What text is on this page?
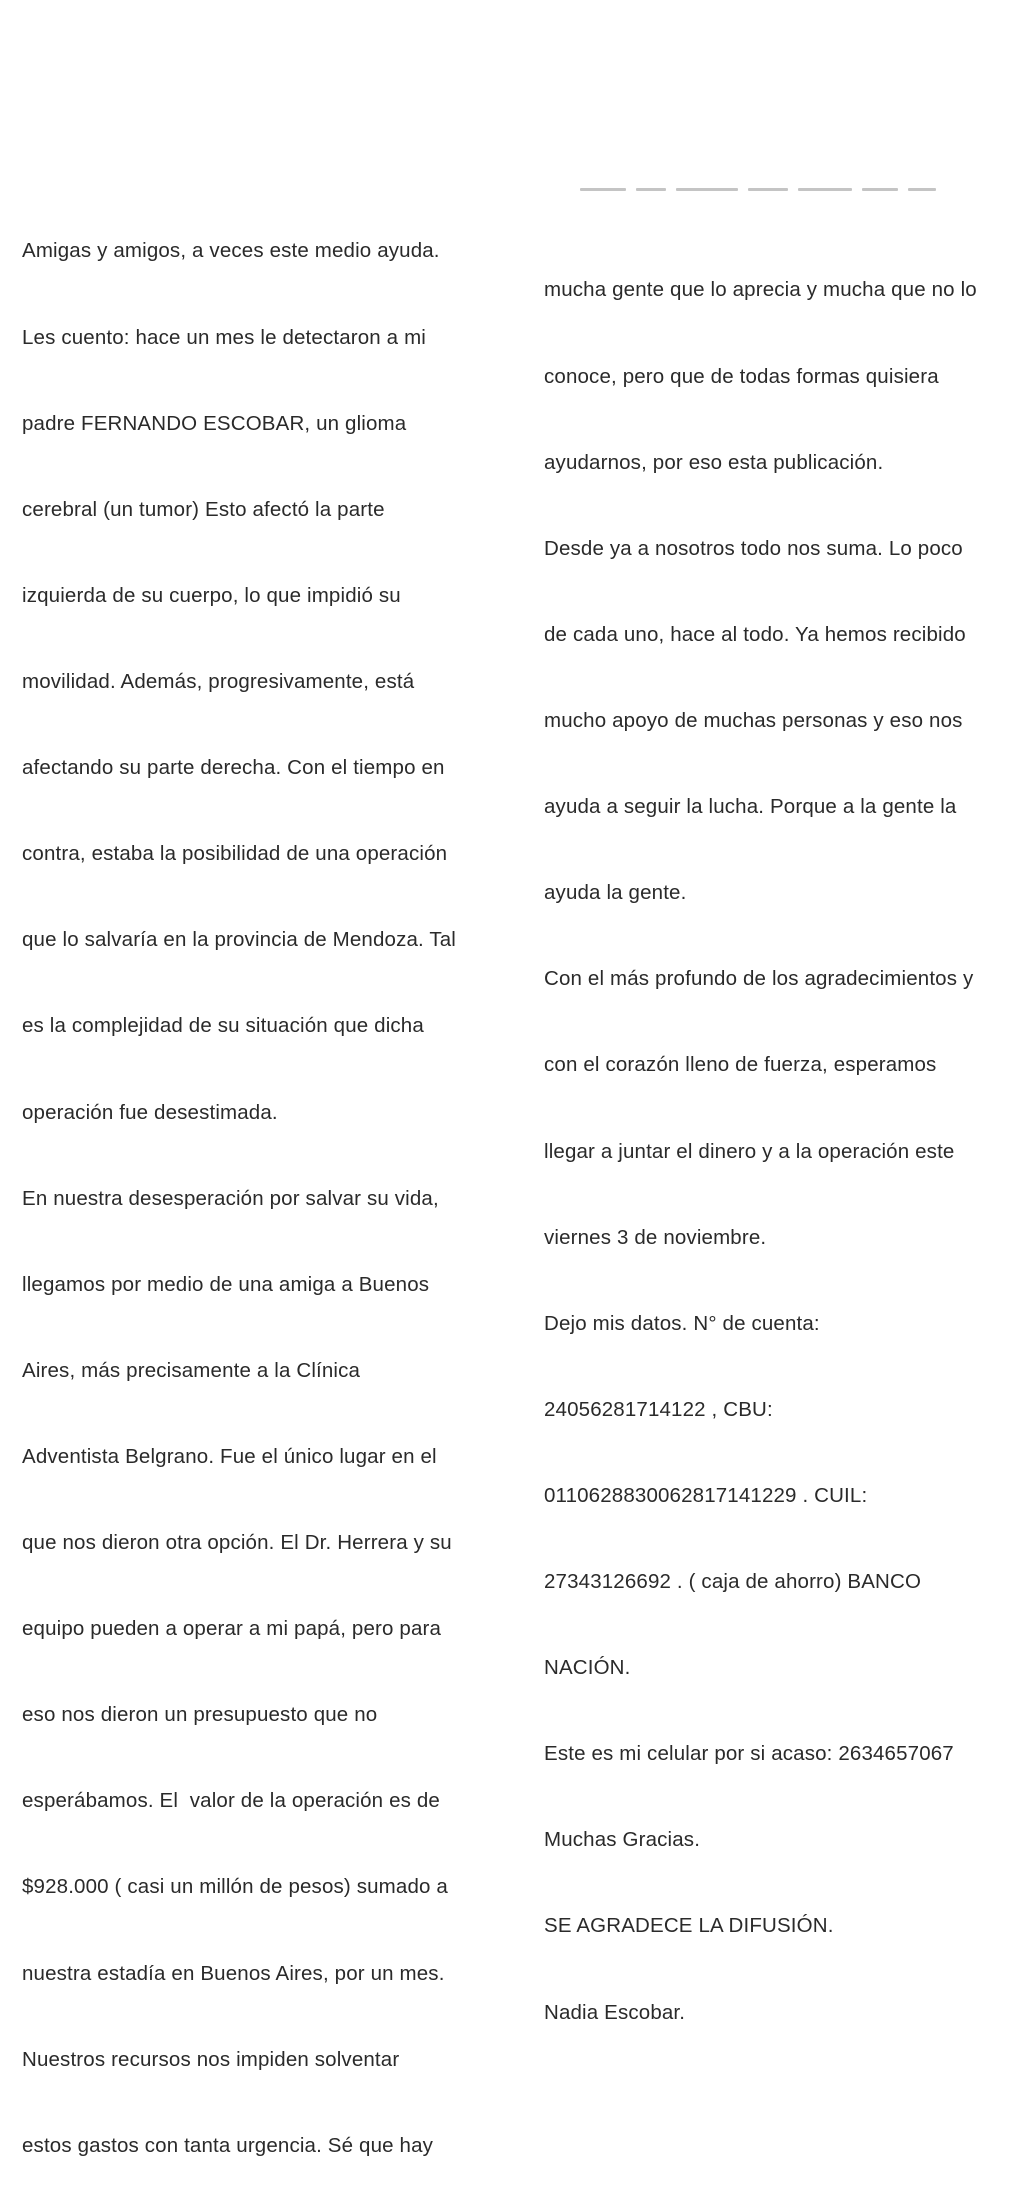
Amigas y amigos, a veces este medio ayuda.

Les cuento: hace un mes le detectaron a mi

padre FERNANDO ESCOBAR, un glioma

cerebral (un tumor) Esto afectó la parte

izquierda de su cuerpo, lo que impidió su

movilidad. Además, progresivamente, está

afectando su parte derecha. Con el tiempo en

contra, estaba la posibilidad de una operación

que lo salvaría en la provincia de Mendoza. Tal

es la complejidad de su situación que dicha

operación fue desestimada.

En nuestra desesperación por salvar su vida,

llegamos por medio de una amiga a Buenos

Aires, más precisamente a la Clínica

Adventista Belgrano. Fue el único lugar en el

que nos dieron otra opción. El Dr. Herrera y su

equipo pueden a operar a mi papá, pero para

eso nos dieron un presupuesto que no

esperábamos. El  valor de la operación es de

$928.000 ( casi un millón de pesos) sumado a

nuestra estadía en Buenos Aires, por un mes.

Nuestros recursos nos impiden solventar

estos gastos con tanta urgencia. Sé que hay

mucha gente que lo aprecia y mucha que no lo

conoce, pero que de todas formas quisiera

ayudarnos, por eso esta publicación.

Desde ya a nosotros todo nos suma. Lo poco

de cada uno, hace al todo. Ya hemos recibido

mucho apoyo de muchas personas y eso nos

ayuda a seguir la lucha. Porque a la gente la

ayuda la gente.

Con el más profundo de los agradecimientos y

con el corazón lleno de fuerza, esperamos

llegar a juntar el dinero y a la operación este

viernes 3 de noviembre.

Dejo mis datos. N° de cuenta:

24056281714122 , CBU:

0110628830062817141229 . CUIL:

27343126692 . ( caja de ahorro) BANCO

NACIÓN.

Este es mi celular por si acaso: 2634657067

Muchas Gracias.

SE AGRADECE LA DIFUSIÓN.

Nadia Escobar.
